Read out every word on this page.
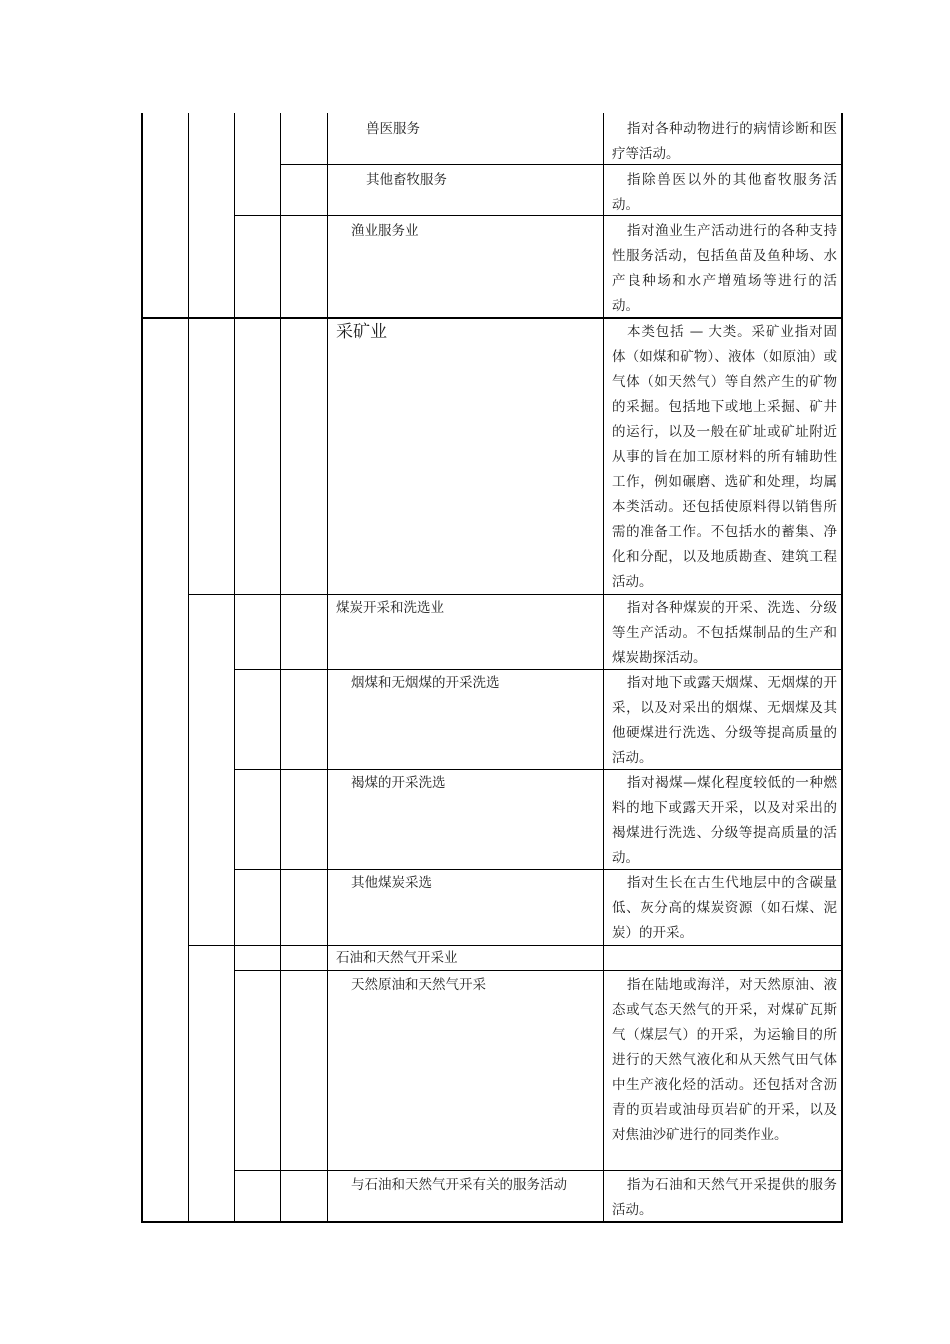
兽医服务	指对各种动物进行的病情诊断和医疗等活动。
其他畜牧服务	指除兽医以外的其他畜牧服务活动。
渔业服务业	指对渔业生产活动进行的各种支持性服务活动，包括鱼苗及鱼种场、水产良种场和水产增殖场等进行的活动。
采矿业	本类包括 — 大类。采矿业指对固体（如煤和矿物）、液体（如原油）或气体（如天然气）等自然产生的矿物的采掘。包括地下或地上采掘、矿井的运行，以及一般在矿址或矿址附近从事的旨在加工原材料的所有辅助性工作，例如碾磨、选矿和处理，均属本类活动。还包括使原料得以销售所需的准备工作。不包括水的蓄集、净化和分配，以及地质勘查、建筑工程活动。
煤炭开采和洗选业	指对各种煤炭的开采、洗选、分级等生产活动。不包括煤制品的生产和煤炭勘探活动。
烟煤和无烟煤的开采洗选	指对地下或露天烟煤、无烟煤的开采，以及对采出的烟煤、无烟煤及其他硬煤进行洗选、分级等提高质量的活动。
褐煤的开采洗选	指对褐煤—煤化程度较低的一种燃料的地下或露天开采，以及对采出的褐煤进行洗选、分级等提高质量的活动。
其他煤炭采选	指对生长在古生代地层中的含碳量低、灰分高的煤炭资源（如石煤、泥炭）的开采。
石油和天然气开采业
天然原油和天然气开采	指在陆地或海洋，对天然原油、液态或气态天然气的开采，对煤矿瓦斯气（煤层气）的开采，为运输目的所进行的天然气液化和从天然气田气体中生产液化烃的活动。还包括对含沥青的页岩或油母页岩矿的开采，以及对焦油沙矿进行的同类作业。
与石油和天然气开采有关的服务活动	指为石油和天然气开采提供的服务活动。
